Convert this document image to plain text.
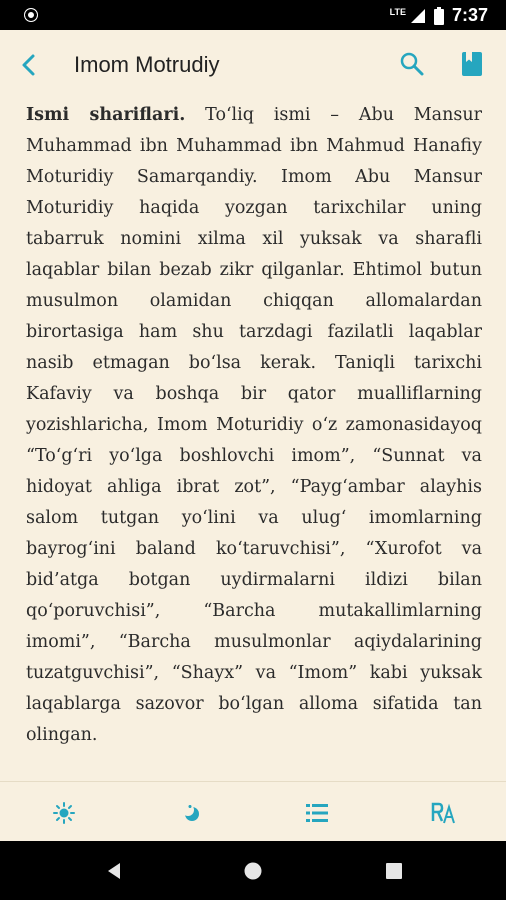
LTE	7:37
Imom Motrudiy

Ismi shariflari. To‘liq ismi – Abu Mansur Muhammad ibn Muhammad ibn Mahmud Hanafiy Moturidiy Samarqandiy. Imom Abu Mansur Moturidiy haqida yozgan tarixchilar uning tabarruk nomini xilma xil yuksak va sharafli laqablar bilan bezab zikr qilganlar. Ehtimol butun musulmon olamidan chiqqan allomalardan birortasiga ham shu tarzdagi fazilatli laqablar nasib etmagan bo‘lsa kerak. Taniqli tarixchi Kafaviy va boshqa bir qator mualliflarning yozishlaricha, Imom Moturidiy o‘z zamonasidayoq “To‘g‘ri yo‘lga boshlovchi imom”, “Sunnat va hidoyat ahliga ibrat zot”, “Payg‘ambar alayhis salom tutgan yo‘lini va ulug‘ imomlarning bayrog‘ini baland ko‘taruvchisi”, “Xurofot va bid’atga botgan uydirmalarni ildizi bilan qo‘poruvchisi”, “Barcha mutakallimlarning imomi”, “Barcha musulmonlar aqiydalarining tuzatguvchisi”, “Shayx” va “Imom” kabi yuksak laqablarga sazovor bo‘lgan alloma sifatida tan olingan.
